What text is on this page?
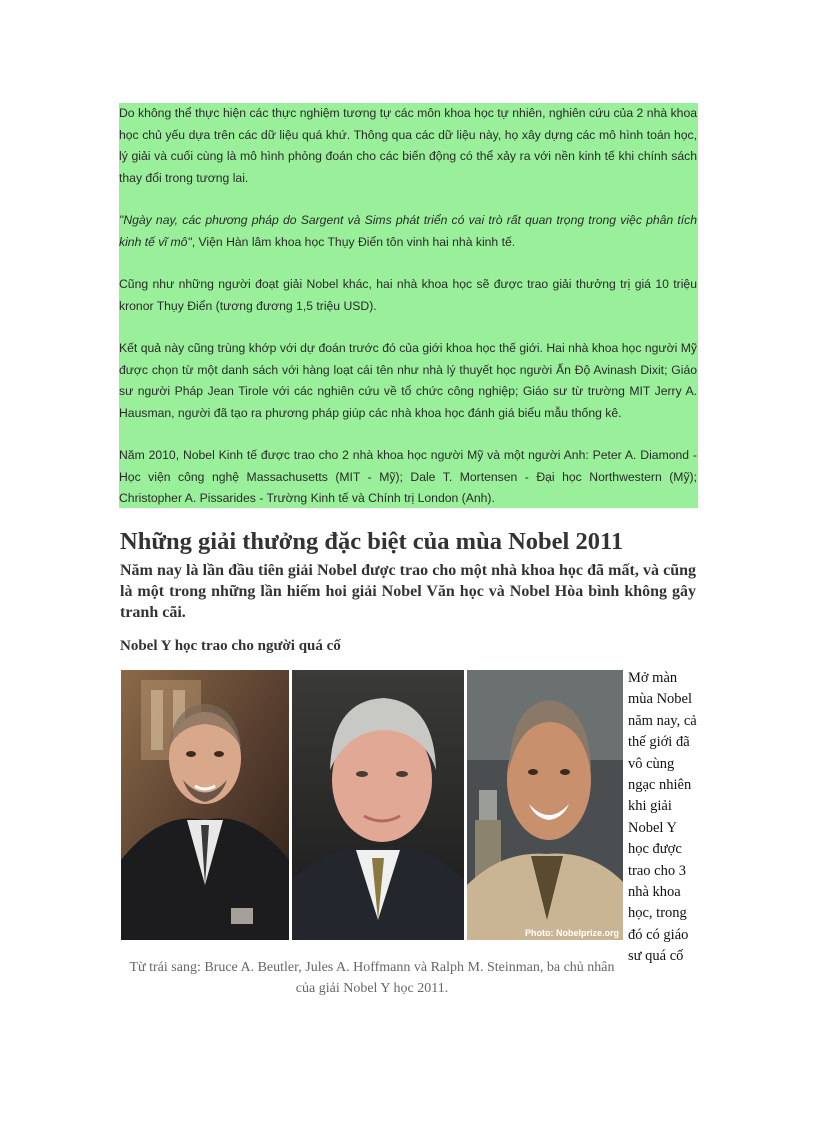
Do không thể thực hiện các thực nghiệm tương tự các môn khoa học tự nhiên, nghiên cứu của 2 nhà khoa học chủ yếu dựa trên các dữ liệu quá khứ. Thông qua các dữ liệu này, họ xây dựng các mô hình toán học, lý giải và cuối cùng là mô hình phỏng đoán cho các biến động có thể xảy ra với nền kinh tế khi chính sách thay đổi trong tương lai.

"Ngày nay, các phương pháp do Sargent và Sims phát triển có vai trò rất quan trọng trong việc phân tích kinh tế vĩ mô", Viện Hàn lâm khoa học Thụy Điển tôn vinh hai nhà kinh tế.

Cũng như những người đoạt giải Nobel khác, hai nhà khoa học sẽ được trao giải thưởng trị giá 10 triệu kronor Thụy Điển (tương đương 1,5 triệu USD).

Kết quả này cũng trùng khớp với dự đoán trước đó của giới khoa học thế giới. Hai nhà khoa học người Mỹ được chọn từ một danh sách với hàng loạt cái tên như nhà lý thuyết học người Ấn Độ Avinash Dixit; Giáo sư người Pháp Jean Tirole với các nghiên cứu về tổ chức công nghiệp; Giáo sư từ trường MIT Jerry A. Hausman, người đã tạo ra phương pháp giúp các nhà khoa học đánh giá biểu mẫu thống kê.

Năm 2010, Nobel Kinh tế được trao cho 2 nhà khoa học người Mỹ và một người Anh: Peter A. Diamond - Học viện công nghệ Massachusetts (MIT - Mỹ); Dale T. Mortensen - Đại học Northwestern (Mỹ); Christopher A. Pissarides - Trường Kinh tế và Chính trị London (Anh).

Những giải thưởng đặc biệt của mùa Nobel 2011

Năm nay là lần đầu tiên giải Nobel được trao cho một nhà khoa học đã mất, và cũng là một trong những lần hiếm hoi giải Nobel Văn học và Nobel Hòa bình không gây tranh cãi.

Nobel Y học trao cho người quá cố
Photo: Nobelprize.org

Từ trái sang: Bruce A. Beutler, Jules A. Hoffmann và Ralph M. Steinman, ba chủ nhân của giải Nobel Y học 2011.

Mở màn mùa Nobel năm nay, cả thế giới đã vô cùng ngạc nhiên khi giải Nobel Y học được trao cho 3 nhà khoa học, trong đó có giáo sư quá cố
